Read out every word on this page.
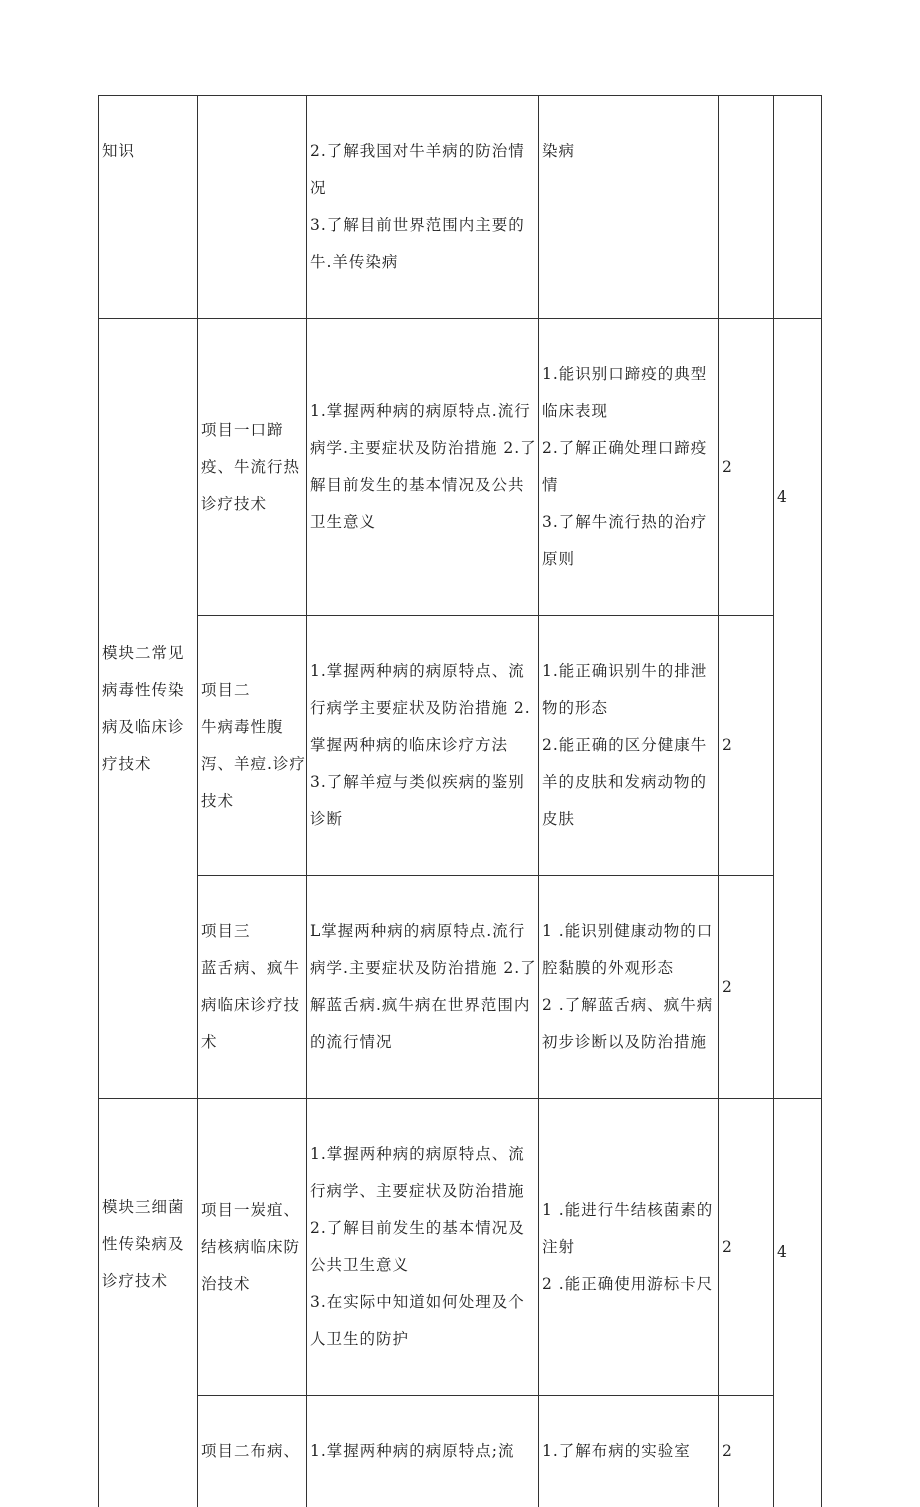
知识		2.了解我国对牛羊病的防治情况
3.了解目前世界范围内主要的牛.羊传染病	染病		

模块二常见病毒性传染病及临床诊疗技术	项目一口蹄疫、牛流行热诊疗技术	1.掌握两种病的病原特点.流行病学.主要症状及防治措施 2.了解目前发生的基本情况及公共卫生意义	1.能识别口蹄疫的典型
临床表现
2.了解正确处理口蹄疫情
3.了解牛流行热的治疗原则	2	4

	项目二
牛病毒性腹泻、羊痘.诊疗技术	1.掌握两种病的病原特点、流行病学主要症状及防治措施 2.掌握两种病的临床诊疗方法
3.了解羊痘与类似疾病的鉴别诊断	1.能正确识别牛的排泄物的形态
2.能正确的区分健康牛羊的皮肤和发病动物的皮肤	2	

	项目三
蓝舌病、疯牛病临床诊疗技术	L掌握两种病的病原特点.流行病学.主要症状及防治措施 2.了解蓝舌病.疯牛病在世界范围内的流行情况	1 .能识别健康动物的口
腔黏膜的外观形态
2 .了解蓝舌病、疯牛病初步诊断以及防治措施	2	

模块三细菌性传染病及诊疗技术	项目一炭疽、结核病临床防治技术	1.掌握两种病的病原特点、流行病学、主要症状及防治措施 2.了解目前发生的基本情况及公共卫生意义
3.在实际中知道如何处理及个人卫生的防护	1 .能进行牛结核菌素的注射
2 .能正确使用游标卡尺	2	4

	项目二布病、	1.掌握两种病的病原特点;流	1.了解布病的实验室	2	
